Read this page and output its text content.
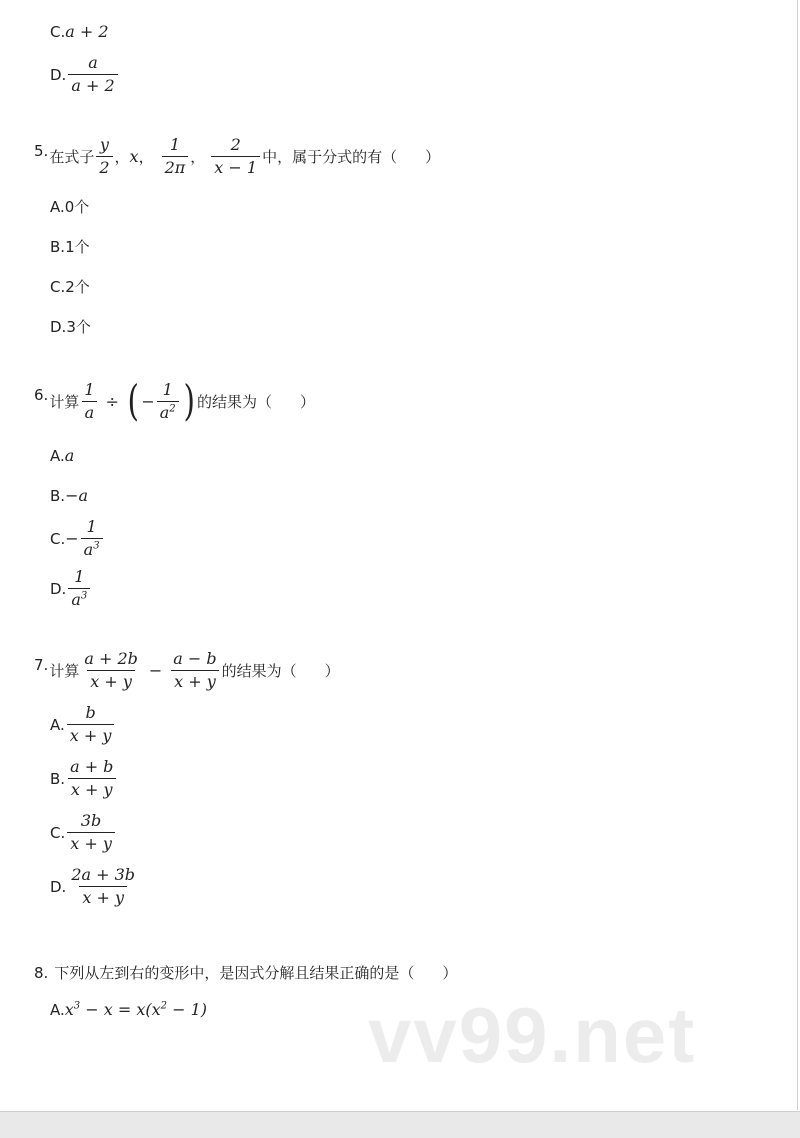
C. a + 2
D. $\frac{a}{a + 2}$
5. 在式子 $\frac{y}{2}$ ， x ， $\frac{1}{2\pi}$ ， $\frac{2}{x - 1}$ 中，属于分式的有（ ）
A. 0个
B. 1个
C. 2个
D. 3个
6. 计算 $\frac{1}{a}$ ÷ ( − $\frac{1}{a^2}$ ) 的结果为（ ）
A. a
B. −a
C. − $\frac{1}{a^3}$
D. $\frac{1}{a^3}$
7. 计算 $\frac{a + 2b}{x + y} - \frac{a - b}{x + y}$ 的结果为（ ）
A. $\frac{b}{x + y}$
B. $\frac{a + b}{x + y}$
C. $\frac{3b}{x + y}$
D. $\frac{2a + 3b}{x + y}$
8. 下列从左到右的变形中，是因式分解且结果正确的是（ ）
A. $x^3 - x = x(x^2 - 1)$ vv99.net
